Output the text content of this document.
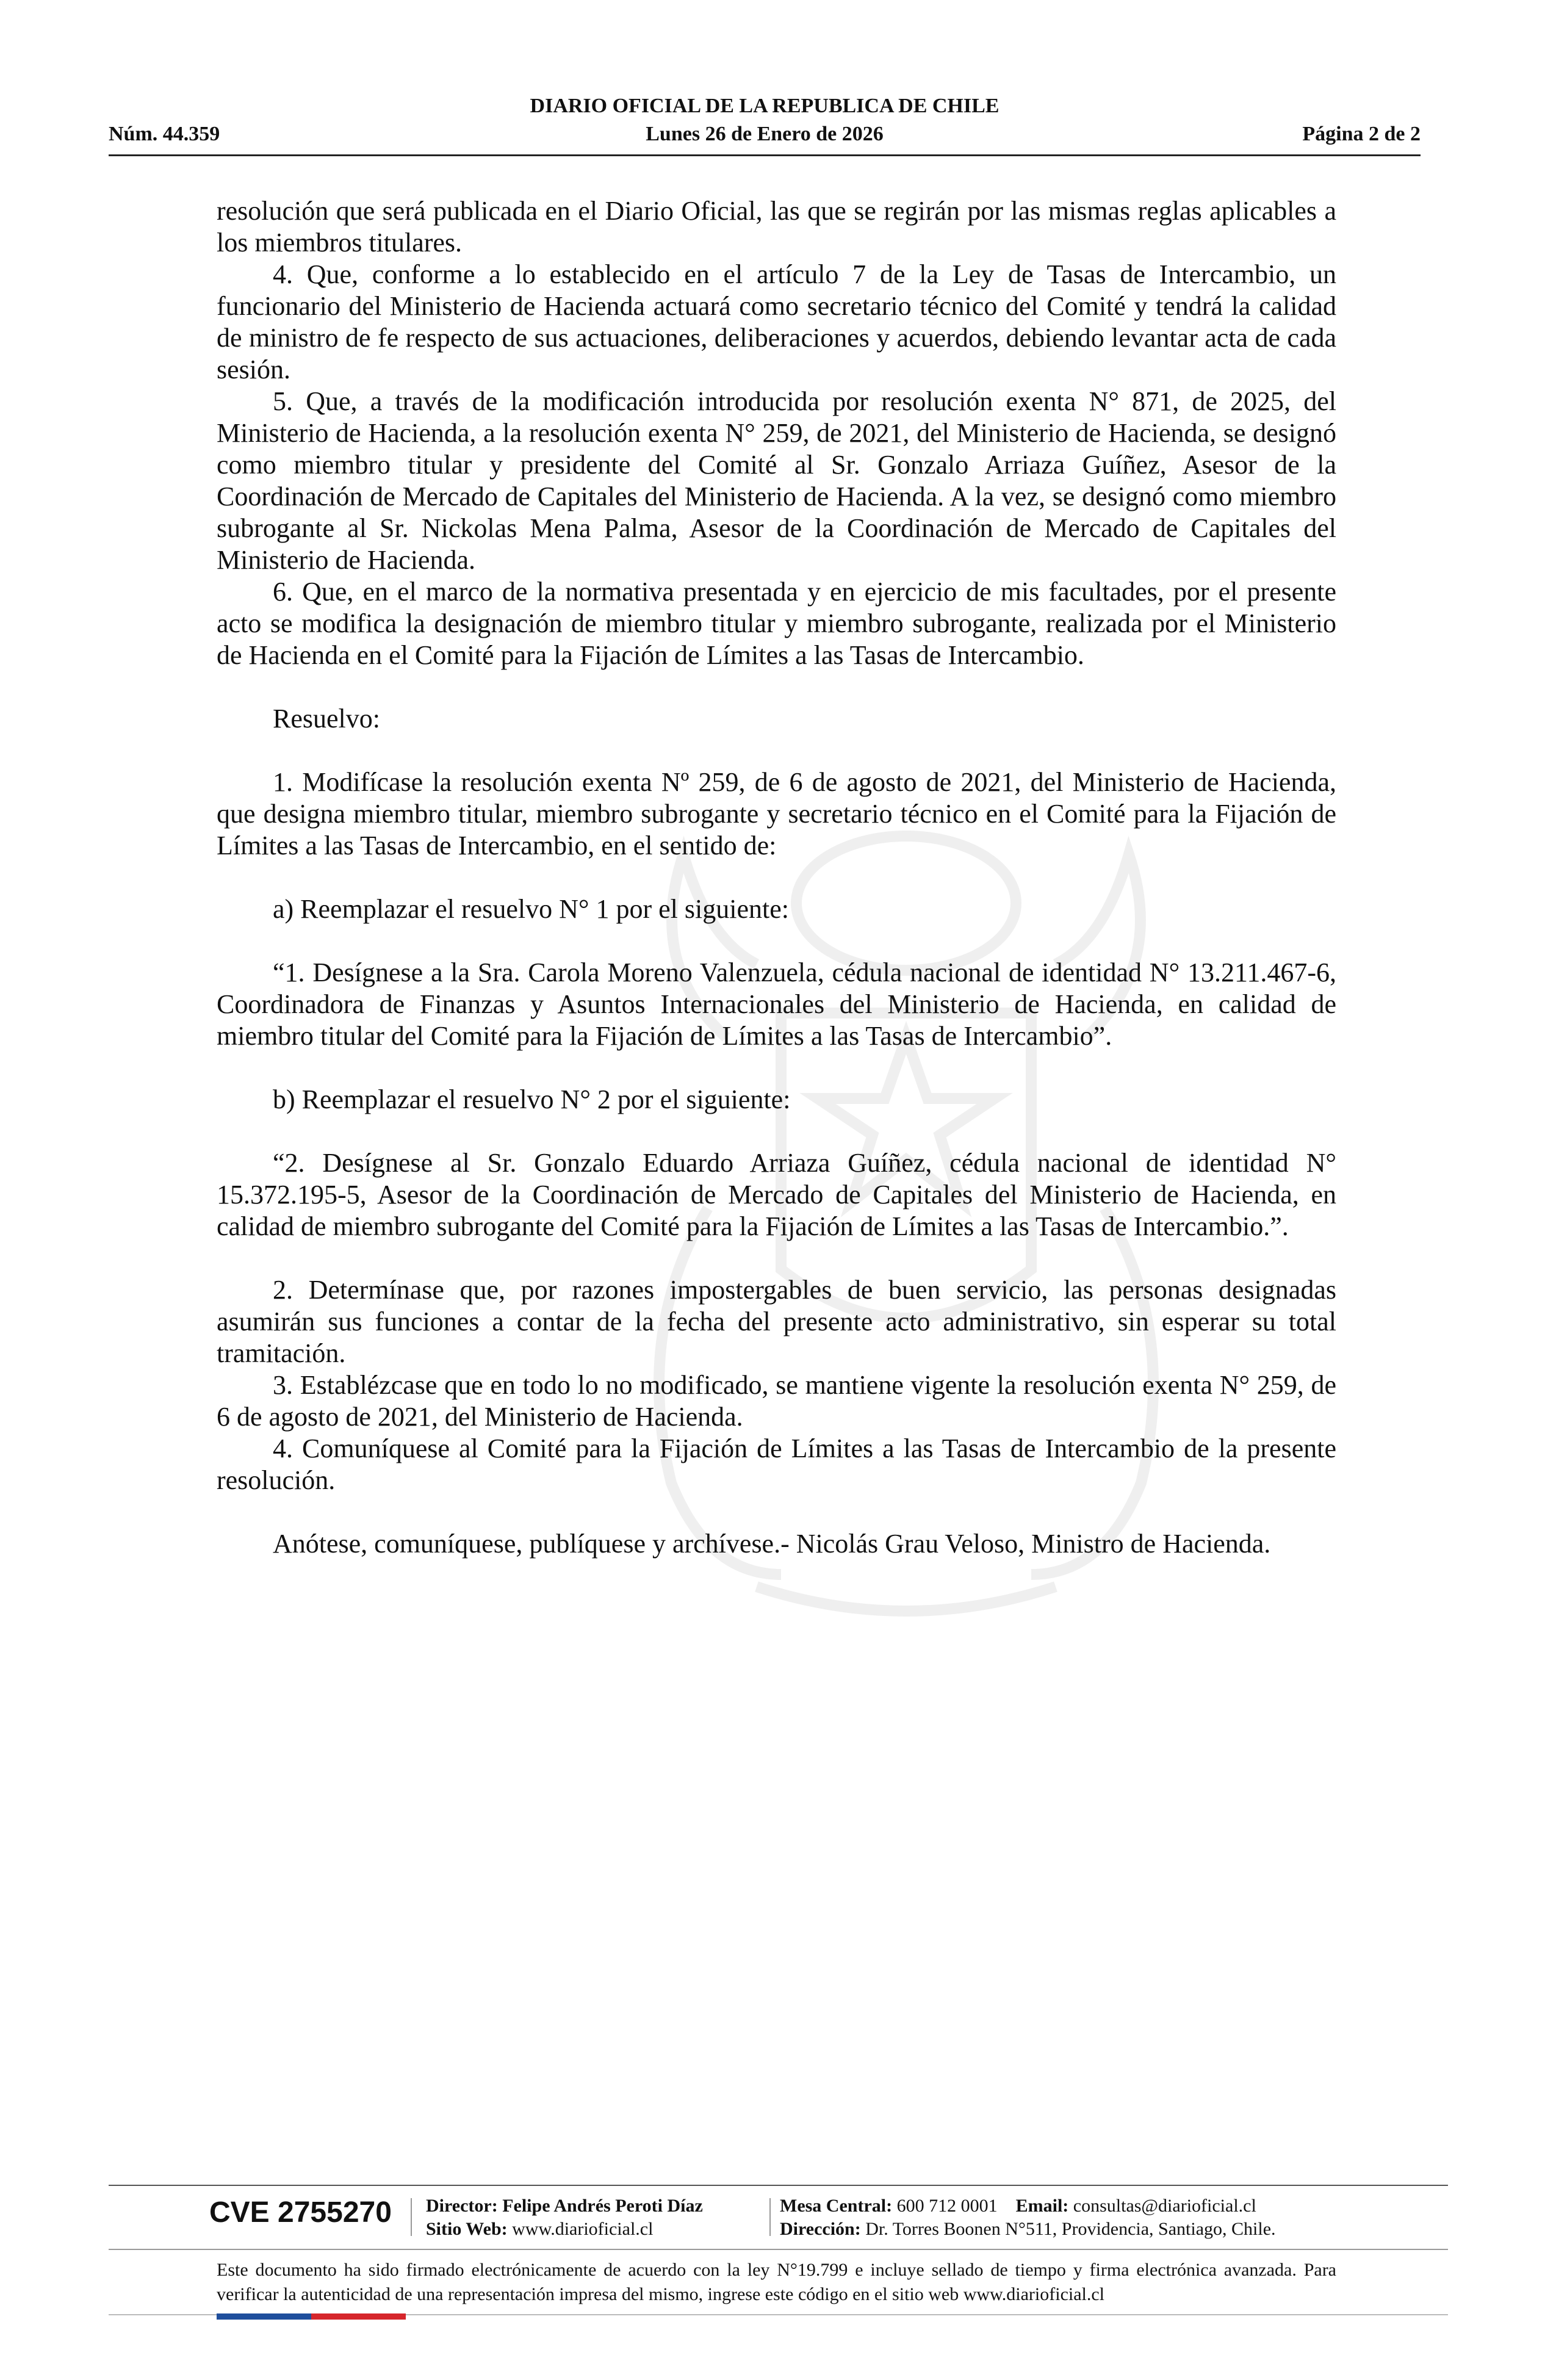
DIARIO OFICIAL DE LA REPUBLICA DE CHILE
Núm. 44.359	Lunes 26 de Enero de 2026	Página 2 de 2

resolución que será publicada en el Diario Oficial, las que se regirán por las mismas reglas aplicables a los miembros titulares.

4. Que, conforme a lo establecido en el artículo 7 de la Ley de Tasas de Intercambio, un funcionario del Ministerio de Hacienda actuará como secretario técnico del Comité y tendrá la calidad de ministro de fe respecto de sus actuaciones, deliberaciones y acuerdos, debiendo levantar acta de cada sesión.

5. Que, a través de la modificación introducida por resolución exenta N° 871, de 2025, del Ministerio de Hacienda, a la resolución exenta N° 259, de 2021, del Ministerio de Hacienda, se designó como miembro titular y presidente del Comité al Sr. Gonzalo Arriaza Guíñez, Asesor de la Coordinación de Mercado de Capitales del Ministerio de Hacienda. A la vez, se designó como miembro subrogante al Sr. Nickolas Mena Palma, Asesor de la Coordinación de Mercado de Capitales del Ministerio de Hacienda.

6. Que, en el marco de la normativa presentada y en ejercicio de mis facultades, por el presente acto se modifica la designación de miembro titular y miembro subrogante, realizada por el Ministerio de Hacienda en el Comité para la Fijación de Límites a las Tasas de Intercambio.

Resuelvo:

1. Modifícase la resolución exenta Nº 259, de 6 de agosto de 2021, del Ministerio de Hacienda, que designa miembro titular, miembro subrogante y secretario técnico en el Comité para la Fijación de Límites a las Tasas de Intercambio, en el sentido de:

a) Reemplazar el resuelvo N° 1 por el siguiente:

“1. Desígnese a la Sra. Carola Moreno Valenzuela, cédula nacional de identidad N° 13.211.467-6, Coordinadora de Finanzas y Asuntos Internacionales del Ministerio de Hacienda, en calidad de miembro titular del Comité para la Fijación de Límites a las Tasas de Intercambio”.

b) Reemplazar el resuelvo N° 2 por el siguiente:

“2. Desígnese al Sr. Gonzalo Eduardo Arriaza Guíñez, cédula nacional de identidad N° 15.372.195-5, Asesor de la Coordinación de Mercado de Capitales del Ministerio de Hacienda, en calidad de miembro subrogante del Comité para la Fijación de Límites a las Tasas de Intercambio.”.

2. Determínase que, por razones impostergables de buen servicio, las personas designadas asumirán sus funciones a contar de la fecha del presente acto administrativo, sin esperar su total tramitación.

3. Establézcase que en todo lo no modificado, se mantiene vigente la resolución exenta N° 259, de 6 de agosto de 2021, del Ministerio de Hacienda.

4. Comuníquese al Comité para la Fijación de Límites a las Tasas de Intercambio de la presente resolución.

Anótese, comuníquese, publíquese y archívese.- Nicolás Grau Veloso, Ministro de Hacienda.

CVE 2755270 Director: Felipe Andrés Peroti Díaz
Sitio Web: www.diarioficial.cl
Mesa Central: 600 712 0001 Email: consultas@diarioficial.cl
Dirección: Dr. Torres Boonen N°511, Providencia, Santiago, Chile.

Este documento ha sido firmado electrónicamente de acuerdo con la ley N°19.799 e incluye sellado de tiempo y firma electrónica avanzada. Para verificar la autenticidad de una representación impresa del mismo, ingrese este código en el sitio web www.diarioficial.cl
